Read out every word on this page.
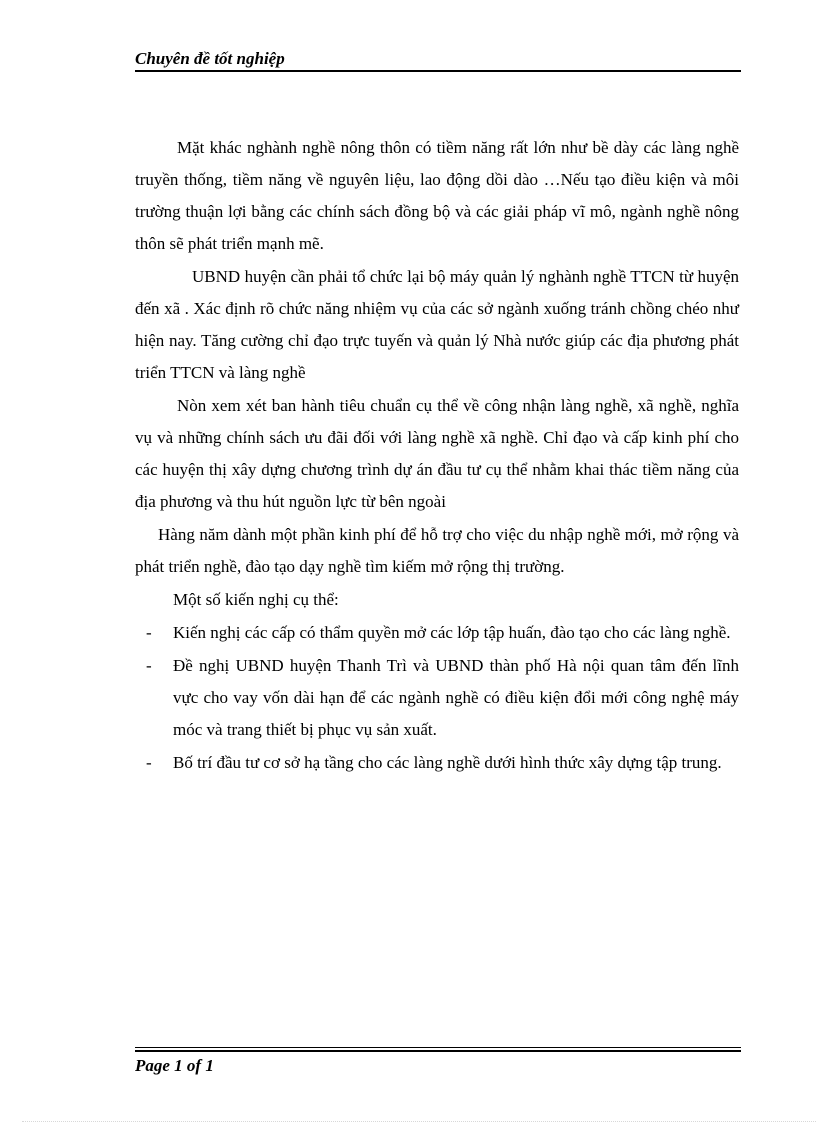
Chuyên đề tốt nghiệp

Mặt khác nghành nghề nông thôn có tiềm năng rất lớn như bề dày các làng nghề truyền thống, tiềm năng về nguyên liệu, lao động dồi dào …Nếu tạo điều kiện và môi trường thuận lợi bằng các chính sách đồng bộ và các giải pháp vĩ mô, ngành nghề nông thôn sẽ phát triển mạnh mẽ.

UBND huyện cần phải tổ chức lại bộ máy quản lý nghành nghề TTCN từ huyện đến xã . Xác định rõ chức năng nhiệm vụ của các sở ngành xuống tránh chồng chéo như hiện nay. Tăng cường chỉ đạo trực tuyến và quản lý Nhà nước giúp các địa phương phát triển TTCN và làng nghề

Nòn xem xét ban hành tiêu chuẩn cụ thể về công nhận làng nghề, xã nghề, nghĩa vụ và những chính sách ưu đãi đối với làng nghề xã nghề. Chỉ đạo và cấp kinh phí cho các huyện thị xây dựng chương trình dự án đầu tư cụ thể nhằm khai thác tiềm năng của địa phương và thu hút nguồn lực từ bên ngoài

Hàng năm dành một phần kinh phí để hỗ trợ cho việc du nhập nghề mới, mở rộng và phát triển nghề, đào tạo dạy nghề tìm kiếm mở rộng thị trường.

Một số kiến nghị cụ thể:

- Kiến nghị các cấp có thẩm quyền mở các lớp tập huấn, đào tạo cho các làng nghề.
- Đề nghị UBND huyện Thanh Trì và UBND thàn phố Hà nội quan tâm đến lĩnh vực cho vay vốn dài hạn để các ngành nghề có điều kiện đổi mới công nghệ máy móc và trang thiết bị phục vụ sản xuất.
- Bố trí đầu tư cơ sở hạ tầng cho các làng nghề dưới hình thức xây dựng tập trung.
Page 1 of 1
